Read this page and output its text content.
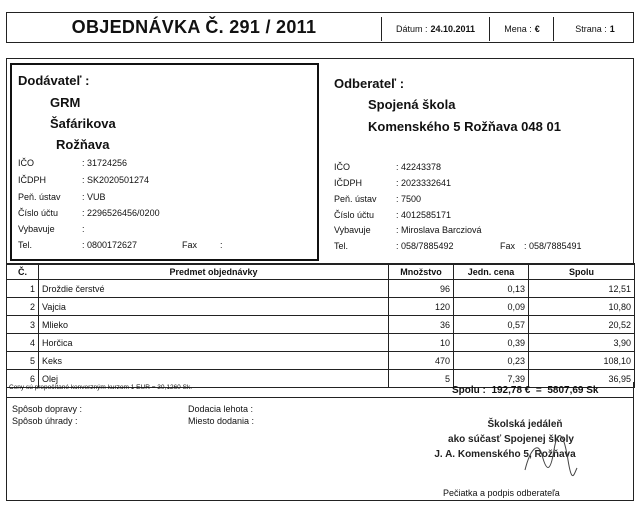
OBJEDNÁVKA Č. 291 / 2011	Dátum : 24.10.2011	Mena : €	Strana : 1
Dodávateľ :
GRM
Šafárikova
Rožňava
IČO	: 31724256
IČDPH	: SK2020501274
Peň. ústav : VUB
Číslo účtu	: 2296526456/0200
Vybavuje	:
Tel.	: 0800172627	Fax	:
Odberateľ :
Spojená škola
Komenského 5 Rožňava 048 01
IČO	: 42243378
IČDPH	: 2023332641
Peň. ústav : 7500
Číslo účtu : 4012585171
Vybavuje	: Miroslava Barcziová
Tel.	: 058/7885492	Fax : 058/7885491
Č.	Predmet objednávky	Množstvo	Jedn. cena	Spolu
1	Droždie čerstvé	96	0,13	12,51
2	Vajcia	120	0,09	10,80
3	Mlieko	36	0,57	20,52
4	Horčica	10	0,39	3,90
5	Keks	470	0,23	108,10
6	Olej	5	7,39	36,95
Ceny sú prepočítané konverzným kurzom 1 EUR = 30,1260 Sk.	Spolu :  192,78 €  =  5807,69 Sk
Spôsob dopravy :
Spôsob úhrady :
Dodacia lehota :
Miesto dodania :	Školská jedáleň
ako súčasť Spojenej školy
J. A. Komenského 5, Rožňava
Pečiatka a podpis odberateľa
